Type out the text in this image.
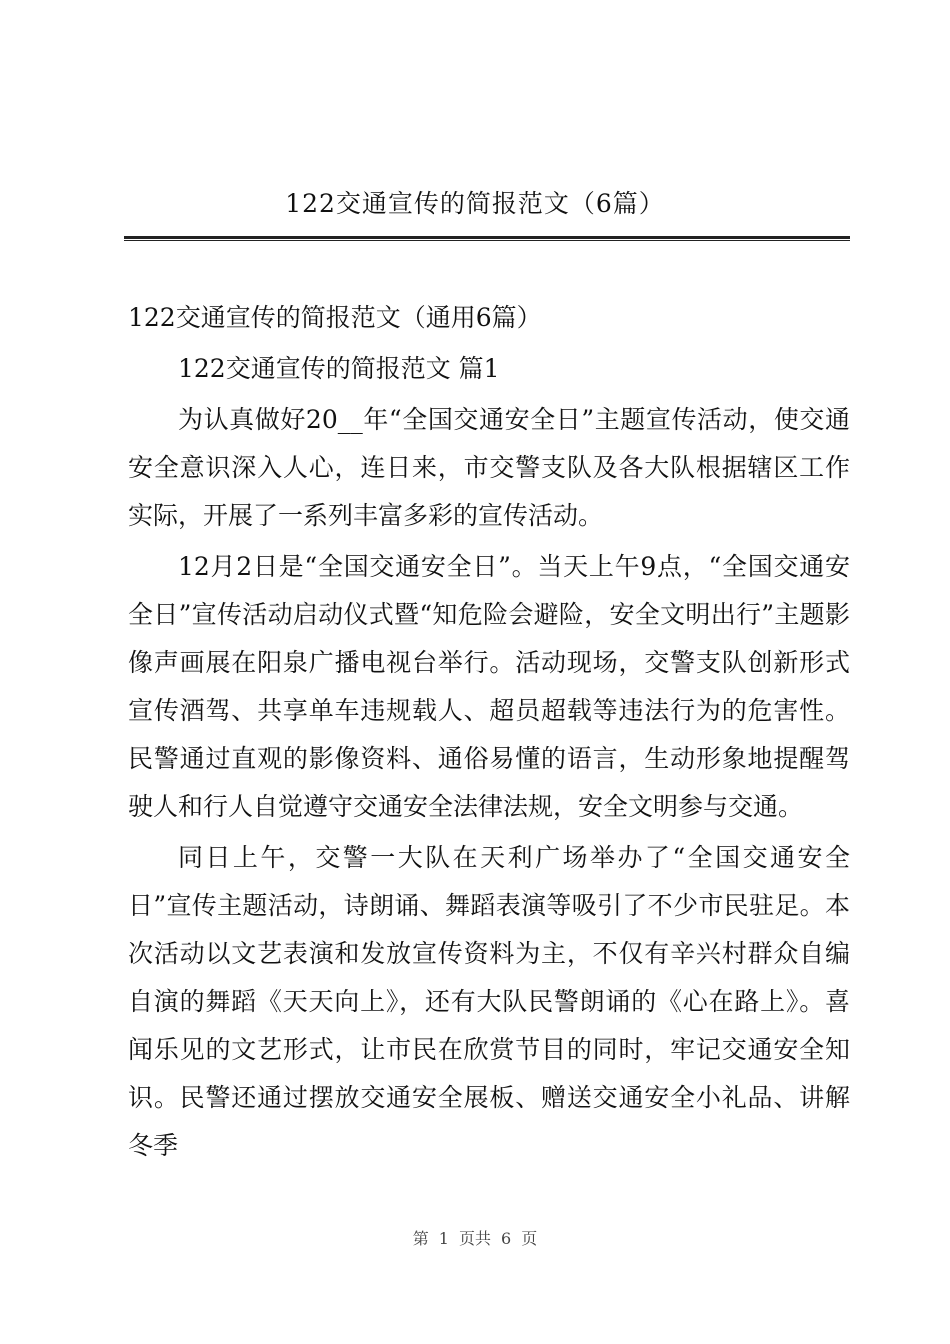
122交通宣传的简报范文（6篇）

122交通宣传的简报范文（通用6篇）

122交通宣传的简报范文 篇1

为认真做好20__年“全国交通安全日”主题宣传活动，使交通安全意识深入人心，连日来，市交警支队及各大队根据辖区工作实际，开展了一系列丰富多彩的宣传活动。

12月2日是“全国交通安全日”。当天上午9点，“全国交通安全日”宣传活动启动仪式暨“知危险会避险，安全文明出行”主题影像声画展在阳泉广播电视台举行。活动现场，交警支队创新形式宣传酒驾、共享单车违规载人、超员超载等违法行为的危害性。民警通过直观的影像资料、通俗易懂的语言，生动形象地提醒驾驶人和行人自觉遵守交通安全法律法规，安全文明参与交通。

同日上午，交警一大队在天利广场举办了“全国交通安全日”宣传主题活动，诗朗诵、舞蹈表演等吸引了不少市民驻足。本次活动以文艺表演和发放宣传资料为主，不仅有辛兴村群众自编自演的舞蹈《天天向上》，还有大队民警朗诵的《心在路上》。喜闻乐见的文艺形式，让市民在欣赏节目的同时，牢记交通安全知识。民警还通过摆放交通安全展板、赠送交通安全小礼品、讲解冬季

第 1 页共 6 页
